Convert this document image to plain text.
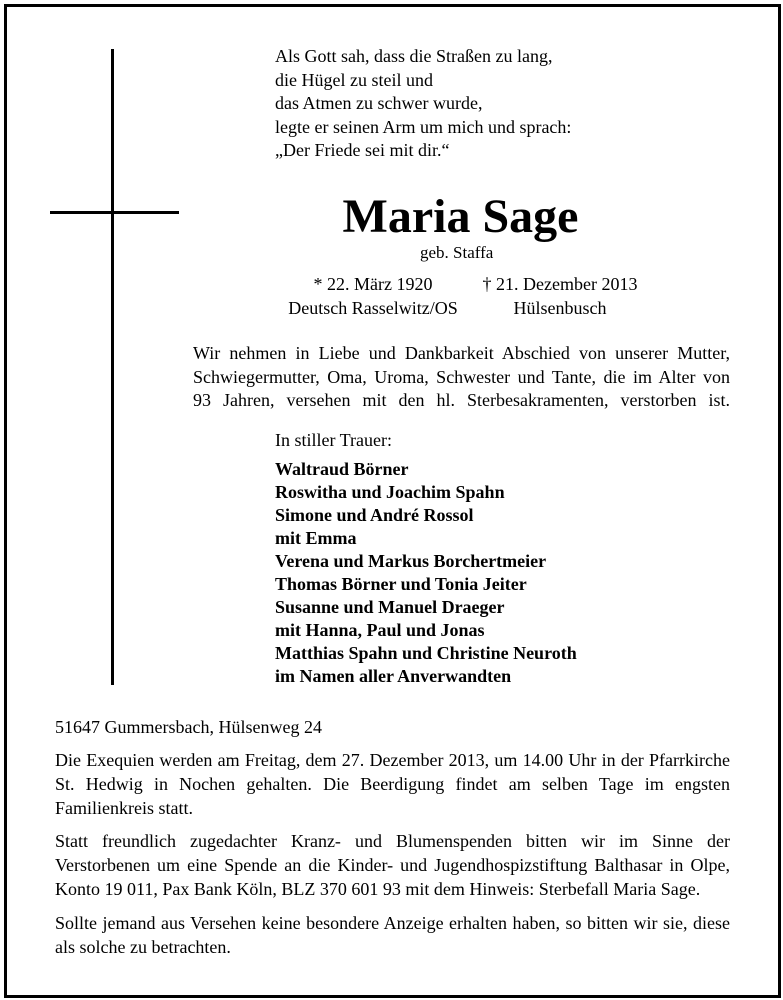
Als Gott sah, dass die Straßen zu lang,
die Hügel zu steil und
das Atmen zu schwer wurde,
legte er seinen Arm um mich und sprach:
„Der Friede sei mit dir.“
Maria Sage
geb. Staffa
* 22. März 1920
Deutsch Rasselwitz/OS
† 21. Dezember 2013
Hülsenbusch
Wir nehmen in Liebe und Dankbarkeit Abschied von unserer Mutter,
Schwiegermutter, Oma, Uroma, Schwester und Tante, die im Alter von
93 Jahren, versehen mit den hl. Sterbesakramenten, verstorben ist.
In stiller Trauer:
Waltraud Börner
Roswitha und Joachim Spahn
Simone und André Rossol
mit Emma
Verena und Markus Borchertmeier
Thomas Börner und Tonia Jeiter
Susanne und Manuel Draeger
mit Hanna, Paul und Jonas
Matthias Spahn und Christine Neuroth
im Namen aller Anverwandten
51647 Gummersbach, Hülsenweg 24
Die Exequien werden am Freitag, dem 27. Dezember 2013, um 14.00 Uhr in der Pfarrkirche
St. Hedwig in Nochen gehalten. Die Beerdigung findet am selben Tage im engsten
Familienkreis statt.
Statt freundlich zugedachter Kranz- und Blumenspenden bitten wir im Sinne der
Verstorbenen um eine Spende an die Kinder- und Jugendhospizstiftung Balthasar in Olpe,
Konto 19 011, Pax Bank Köln, BLZ 370 601 93 mit dem Hinweis: Sterbefall Maria Sage.
Sollte jemand aus Versehen keine besondere Anzeige erhalten haben, so bitten wir sie, diese
als solche zu betrachten.
